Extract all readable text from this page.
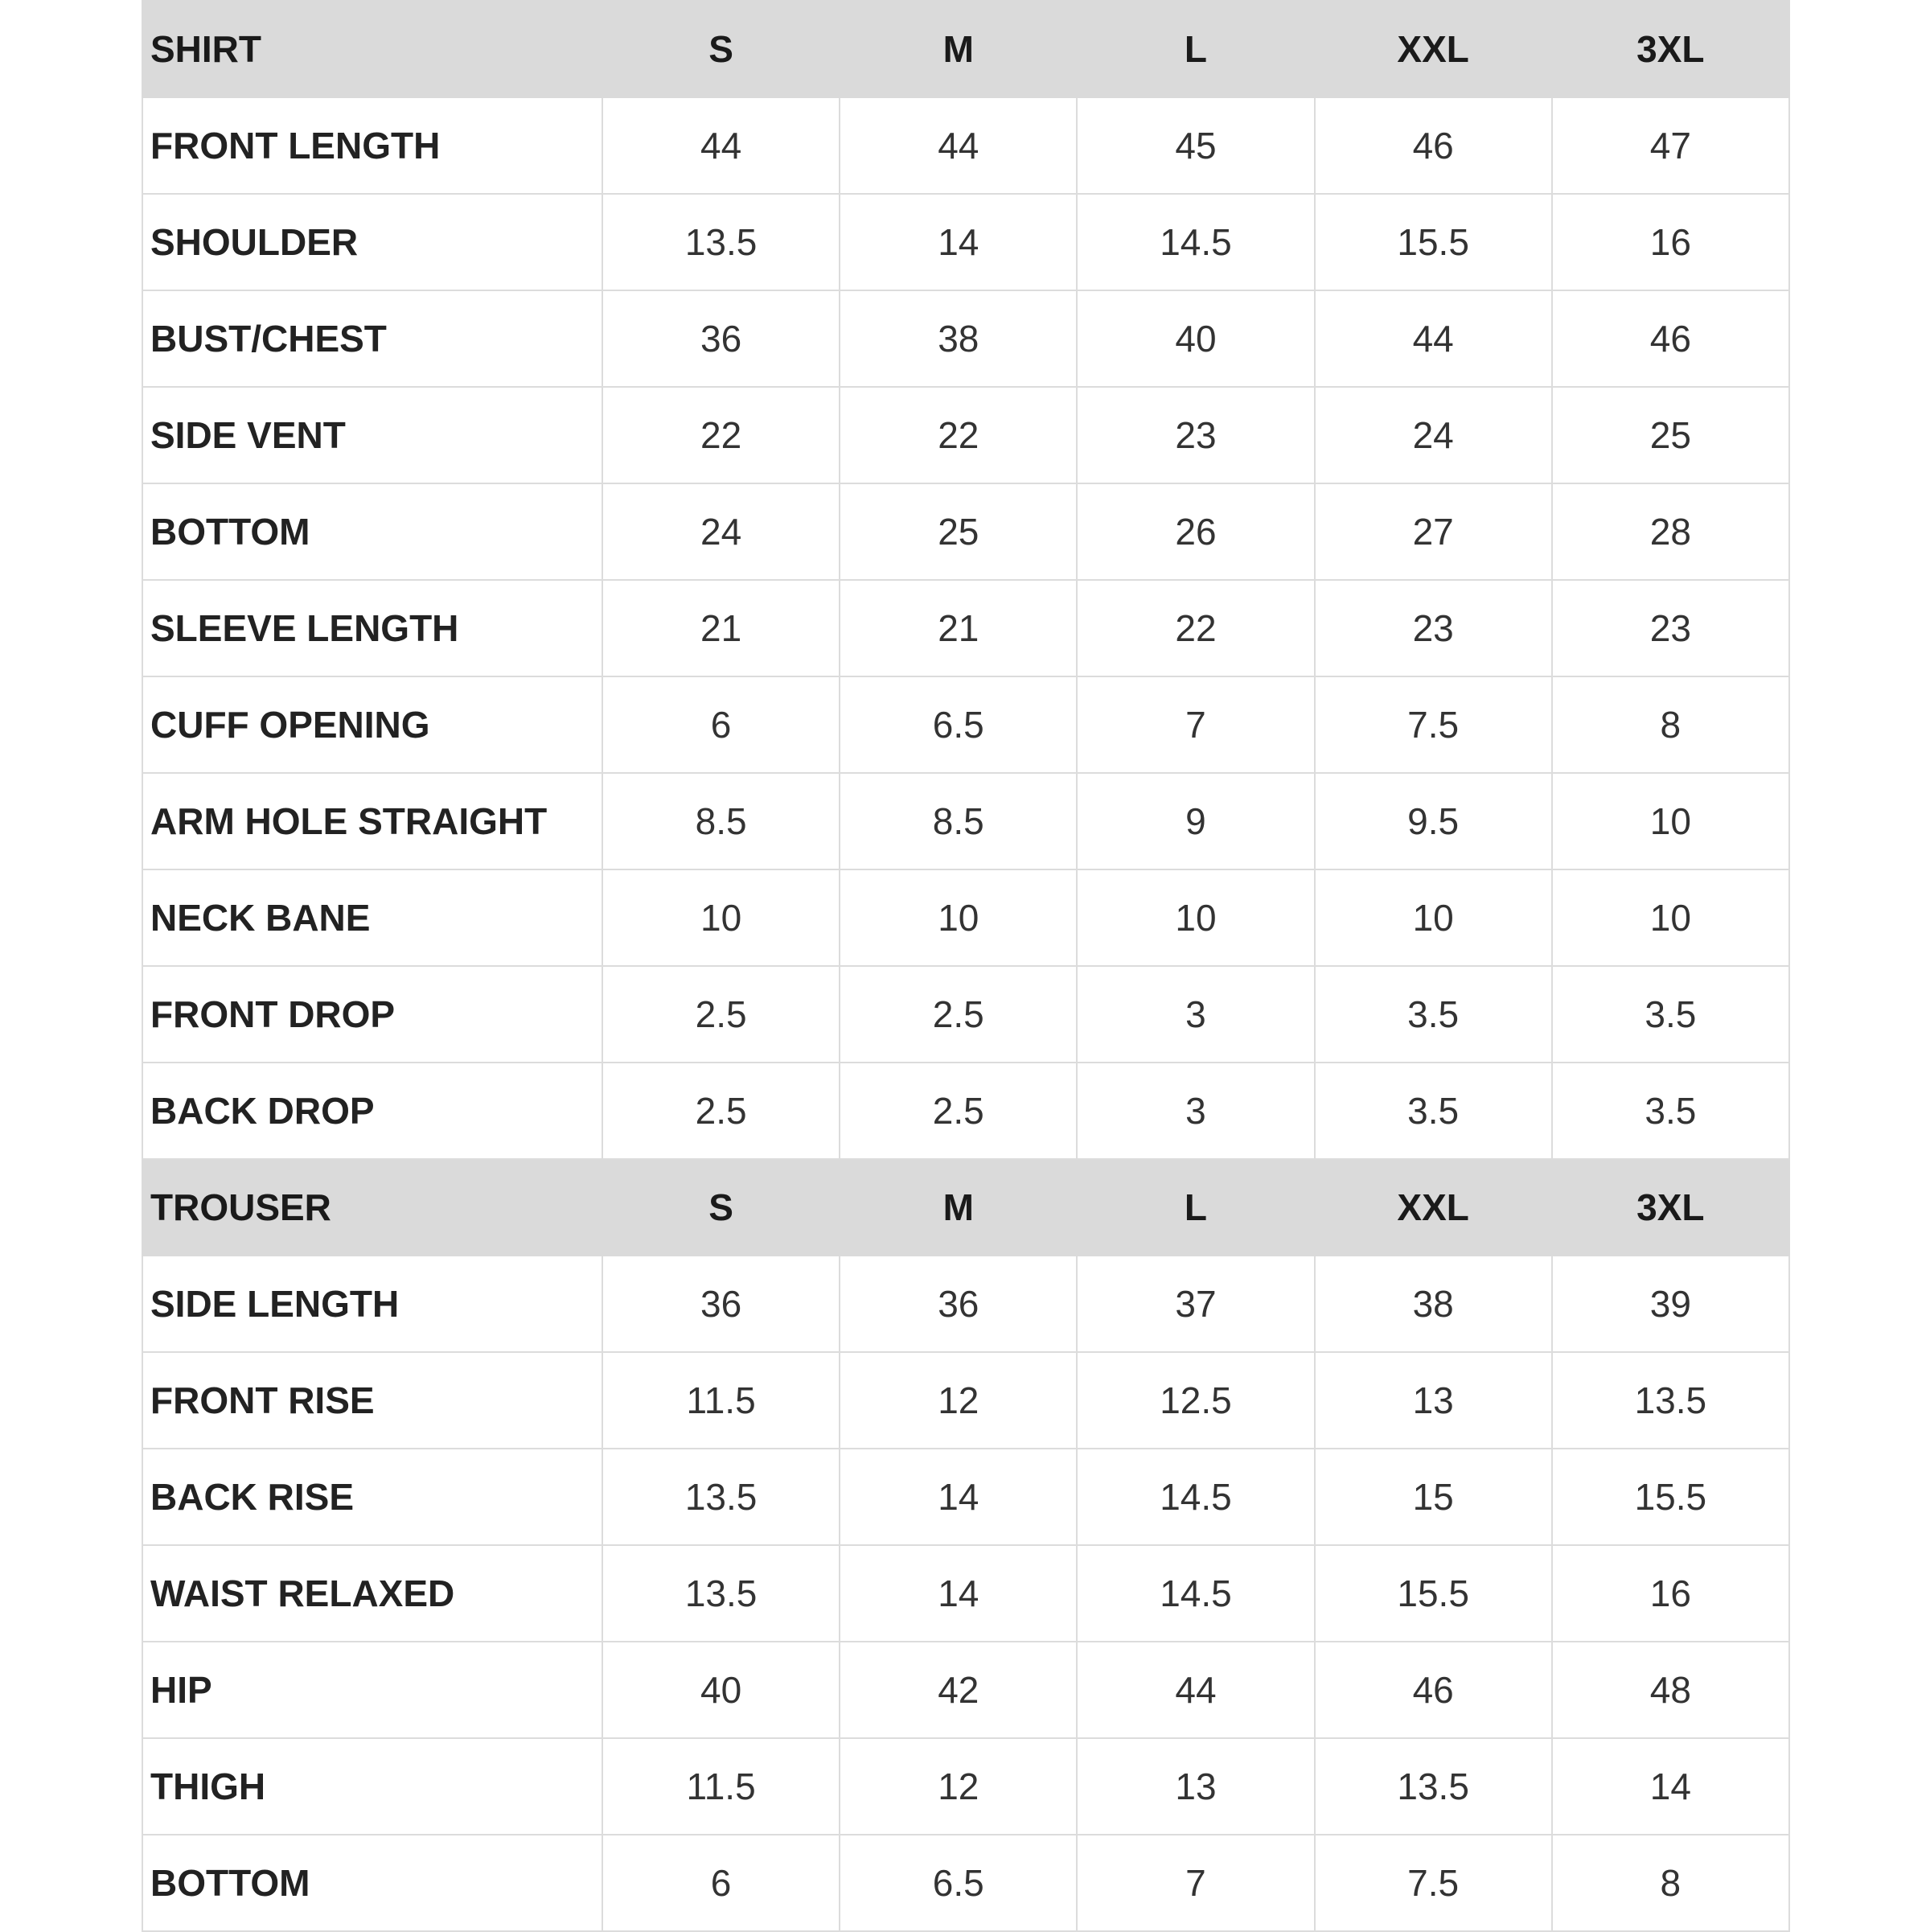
SHIRT	S	M	L	XXL	3XL
FRONT LENGTH	44	44	45	46	47
SHOULDER	13.5	14	14.5	15.5	16
BUST/CHEST	36	38	40	44	46
SIDE VENT	22	22	23	24	25
BOTTOM	24	25	26	27	28
SLEEVE LENGTH	21	21	22	23	23
CUFF OPENING	6	6.5	7	7.5	8
ARM HOLE STRAIGHT	8.5	8.5	9	9.5	10
NECK BANE	10	10	10	10	10
FRONT DROP	2.5	2.5	3	3.5	3.5
BACK DROP	2.5	2.5	3	3.5	3.5
TROUSER	S	M	L	XXL	3XL
SIDE LENGTH	36	36	37	38	39
FRONT RISE	11.5	12	12.5	13	13.5
BACK RISE	13.5	14	14.5	15	15.5
WAIST RELAXED	13.5	14	14.5	15.5	16
HIP	40	42	44	46	48
THIGH	11.5	12	13	13.5	14
BOTTOM	6	6.5	7	7.5	8
